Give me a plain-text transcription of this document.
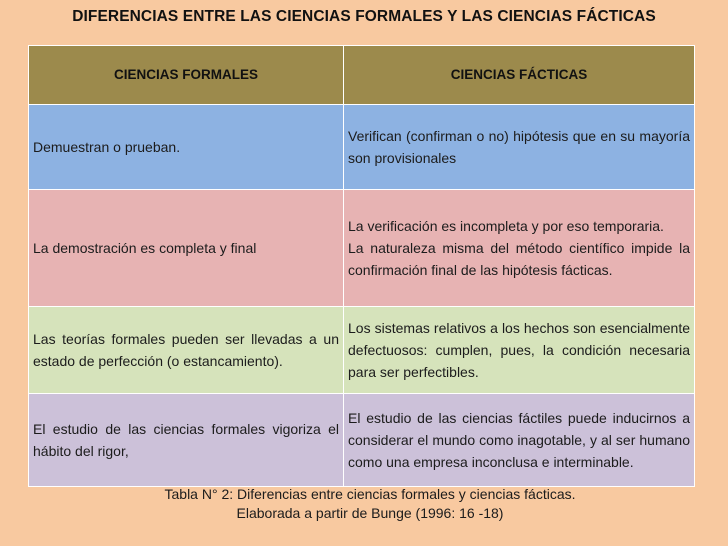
DIFERENCIAS ENTRE LAS CIENCIAS FORMALES Y LAS CIENCIAS FÁCTICAS
CIENCIAS FORMALES	CIENCIAS FÁCTICAS
Demuestran o prueban.	Verifican (confirman o no) hipótesis que en su mayoría son provisionales
La demostración es completa y final	La verificación es incompleta y por eso temporaria.
La naturaleza misma del método científico impide la confirmación final de las hipótesis fácticas.

Las teorías formales pueden ser llevadas a un estado de perfección (o estancamiento).	Los sistemas relativos a los hechos son esencialmente defectuosos: cumplen, pues, la condición necesaria para ser perfectibles.
El estudio de las ciencias formales vigoriza el hábito del rigor,	El estudio de las ciencias fáctiles puede inducirnos a considerar el mundo como inagotable, y al ser humano como una empresa inconclusa e interminable.
Tabla N° 2: Diferencias entre ciencias formales y ciencias fácticas.
Elaborada a partir de Bunge (1996: 16 -18)
